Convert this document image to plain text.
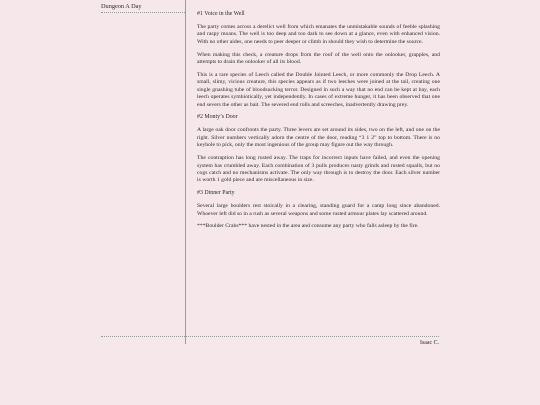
Dungeon A Day
#1 Voice in the Well

The party comes across a derelict well from which emanates the unmistakable sounds of feeble splashing and raspy moans. The well is too deep and too dark to see down at a glance, even with enhanced vision. With no other aides, one needs to peer deeper or climb in should they wish to determine the source.

When making this check, a creature drops from the roof of the well onto the onlooker, grapples, and attempts to drain the onlooker of all its blood.

This is a rare species of Leech called the Double Jointed Leech, or more commonly the Drop Leech. A small, slimy, vicious creature, this species appears as if two leeches were joined at the tail, creating one single gnashing tube of bloodsucking terror. Designed in such a way that no end can be kept at bay, each leech operates symbiotically, yet independently. In cases of extreme hunger, it has been observed that one end severs the other as bait. The severed end rolls and screeches, inadvertently drawing prey.

#2 Monty’s Door

A large oak door confronts the party. Three levers are set around its sides, two on the left, and one on the right. Silver numbers vertically adorn the centre of the door, reading “3 1 2” top to bottom. There is no keyhole to pick, only the most ingenious of the group may figure out the way through.

The contraption has long rusted away. The traps for incorrect inputs have failed, and even the opening system has crumbled away. Each combination of 3 pulls produces nasty grinds and rusted squalls, but no cogs catch and no mechanisms activate. The only way through is to destroy the door. Each silver number is worth 1 gold piece and are miscellaneous in size.

#3 Dinner Party

Several large boulders rest stoically in a clearing, standing guard for a camp long since abandoned. Whoever left did so in a rush as several weapons and some rusted armour plates lay scattered around.

***Boulder Crabs*** have nested in the area and consume any party who falls asleep by the fire.

Isaac C.
